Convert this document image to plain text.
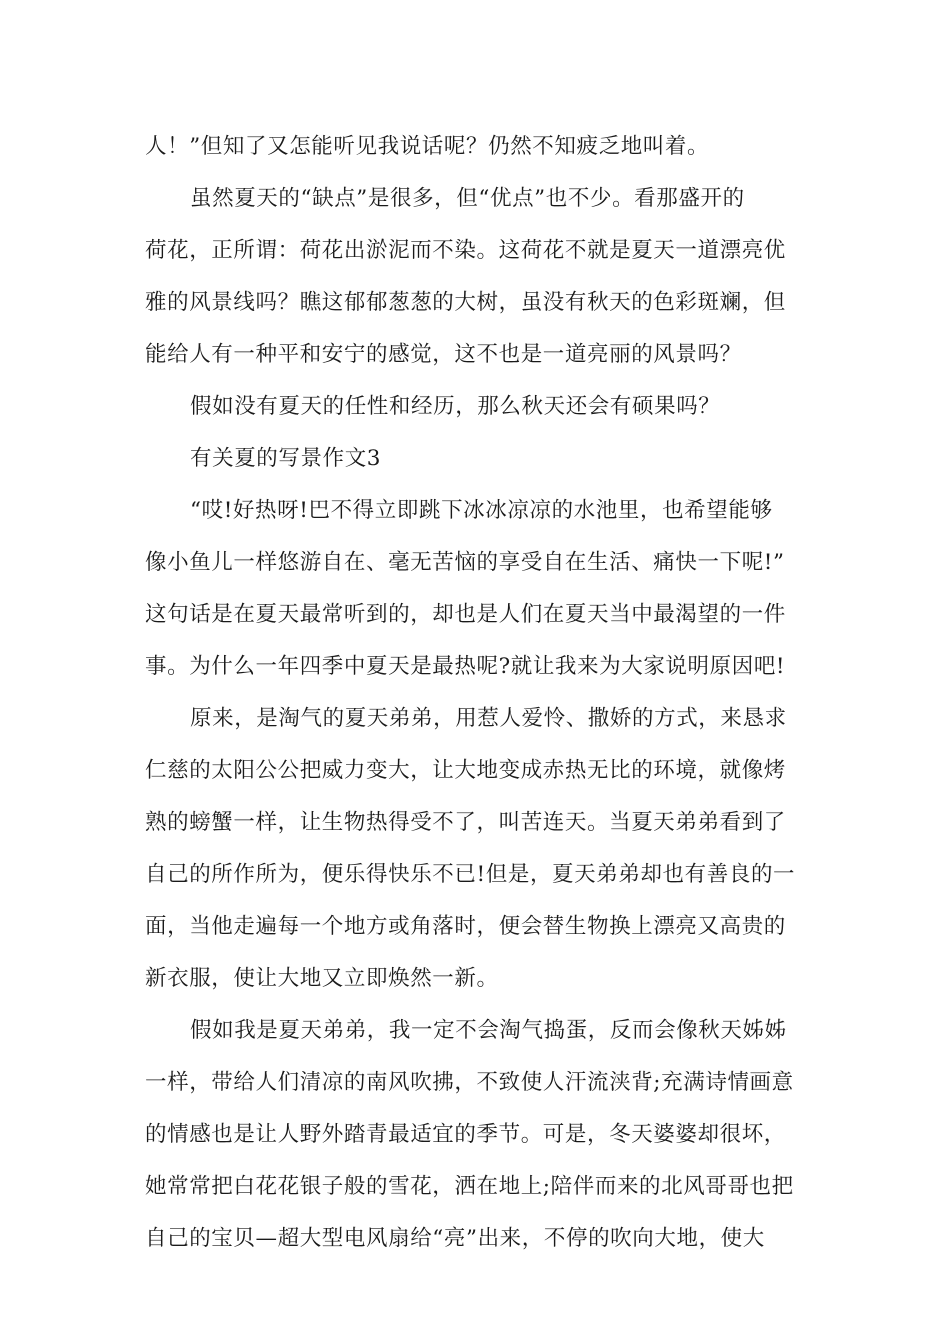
人！”但知了又怎能听见我说话呢？仍然不知疲乏地叫着。
虽然夏天的“缺点”是很多，但“优点”也不少。看那盛开的
荷花，正所谓：荷花出淤泥而不染。这荷花不就是夏天一道漂亮优
雅的风景线吗？瞧这郁郁葱葱的大树，虽没有秋天的色彩斑斓，但
能给人有一种平和安宁的感觉，这不也是一道亮丽的风景吗？
假如没有夏天的任性和经历，那么秋天还会有硕果吗？
有关夏的写景作文3
“哎!好热呀!巴不得立即跳下冰冰凉凉的水池里，也希望能够
像小鱼儿一样悠游自在、毫无苦恼的享受自在生活、痛快一下呢!”
这句话是在夏天最常听到的，却也是人们在夏天当中最渴望的一件
事。为什么一年四季中夏天是最热呢?就让我来为大家说明原因吧!
原来，是淘气的夏天弟弟，用惹人爱怜、撒娇的方式，来恳求
仁慈的太阳公公把威力变大，让大地变成赤热无比的环境，就像烤
熟的螃蟹一样，让生物热得受不了，叫苦连天。当夏天弟弟看到了
自己的所作所为，便乐得快乐不已!但是，夏天弟弟却也有善良的一
面，当他走遍每一个地方或角落时，便会替生物换上漂亮又高贵的
新衣服，使让大地又立即焕然一新。
假如我是夏天弟弟，我一定不会淘气捣蛋，反而会像秋天姊姊
一样，带给人们清凉的南风吹拂，不致使人汗流浃背;充满诗情画意
的情感也是让人野外踏青最适宜的季节。可是，冬天婆婆却很坏，
她常常把白花花银子般的雪花，洒在地上;陪伴而来的北风哥哥也把
自己的宝贝—超大型电风扇给“亮”出来，不停的吹向大地，使大
